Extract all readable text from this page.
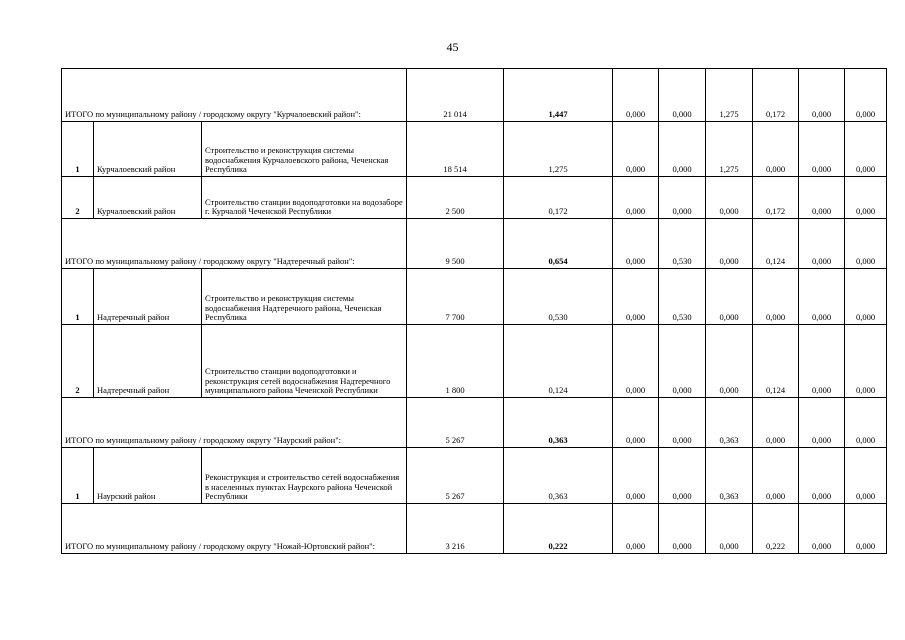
45
ИТОГО по муниципальному району / городскому округу "Курчалоевский район":			21 014	1,447	0,000	0,000	1,275	0,172	0,000	0,000
1	Курчалоевский район	Строительство и реконструкция системы водоснабжения Курчалоевского района, Чеченская Республика	18 514	1,275	0,000	0,000	1,275	0,000	0,000	0,000
2	Курчалоевский район	Строительство станции водоподготовки на водозаборе г. Курчалой Чеченской Республики	2 500	0,172	0,000	0,000	0,000	0,172	0,000	0,000
ИТОГО по муниципальному району / городскому округу "Надтеречный район":			9 500	0,654	0,000	0,530	0,000	0,124	0,000	0,000
1	Надтеречный район	Строительство и реконструкция системы водоснабжения Надтеречного района, Чеченская Республика	7 700	0,530	0,000	0,530	0,000	0,000	0,000	0,000
2	Надтеречный район	Строительство станции водоподготовки и реконструкция сетей водоснабжения Надтеречного муниципального района Чеченской Республики	1 800	0,124	0,000	0,000	0,000	0,124	0,000	0,000
ИТОГО по муниципальному району / городскому округу "Наурский район":			5 267	0,363	0,000	0,000	0,363	0,000	0,000	0,000
1	Наурский район	Реконструкция и строительство сетей водоснабжения в населенных пунктах Наурского района Чеченской Республики	5 267	0,363	0,000	0,000	0,363	0,000	0,000	0,000
ИТОГО по муниципальному району / городскому округу "Ножай-Юртовский район":			3 216	0,222	0,000	0,000	0,000	0,222	0,000	0,000
